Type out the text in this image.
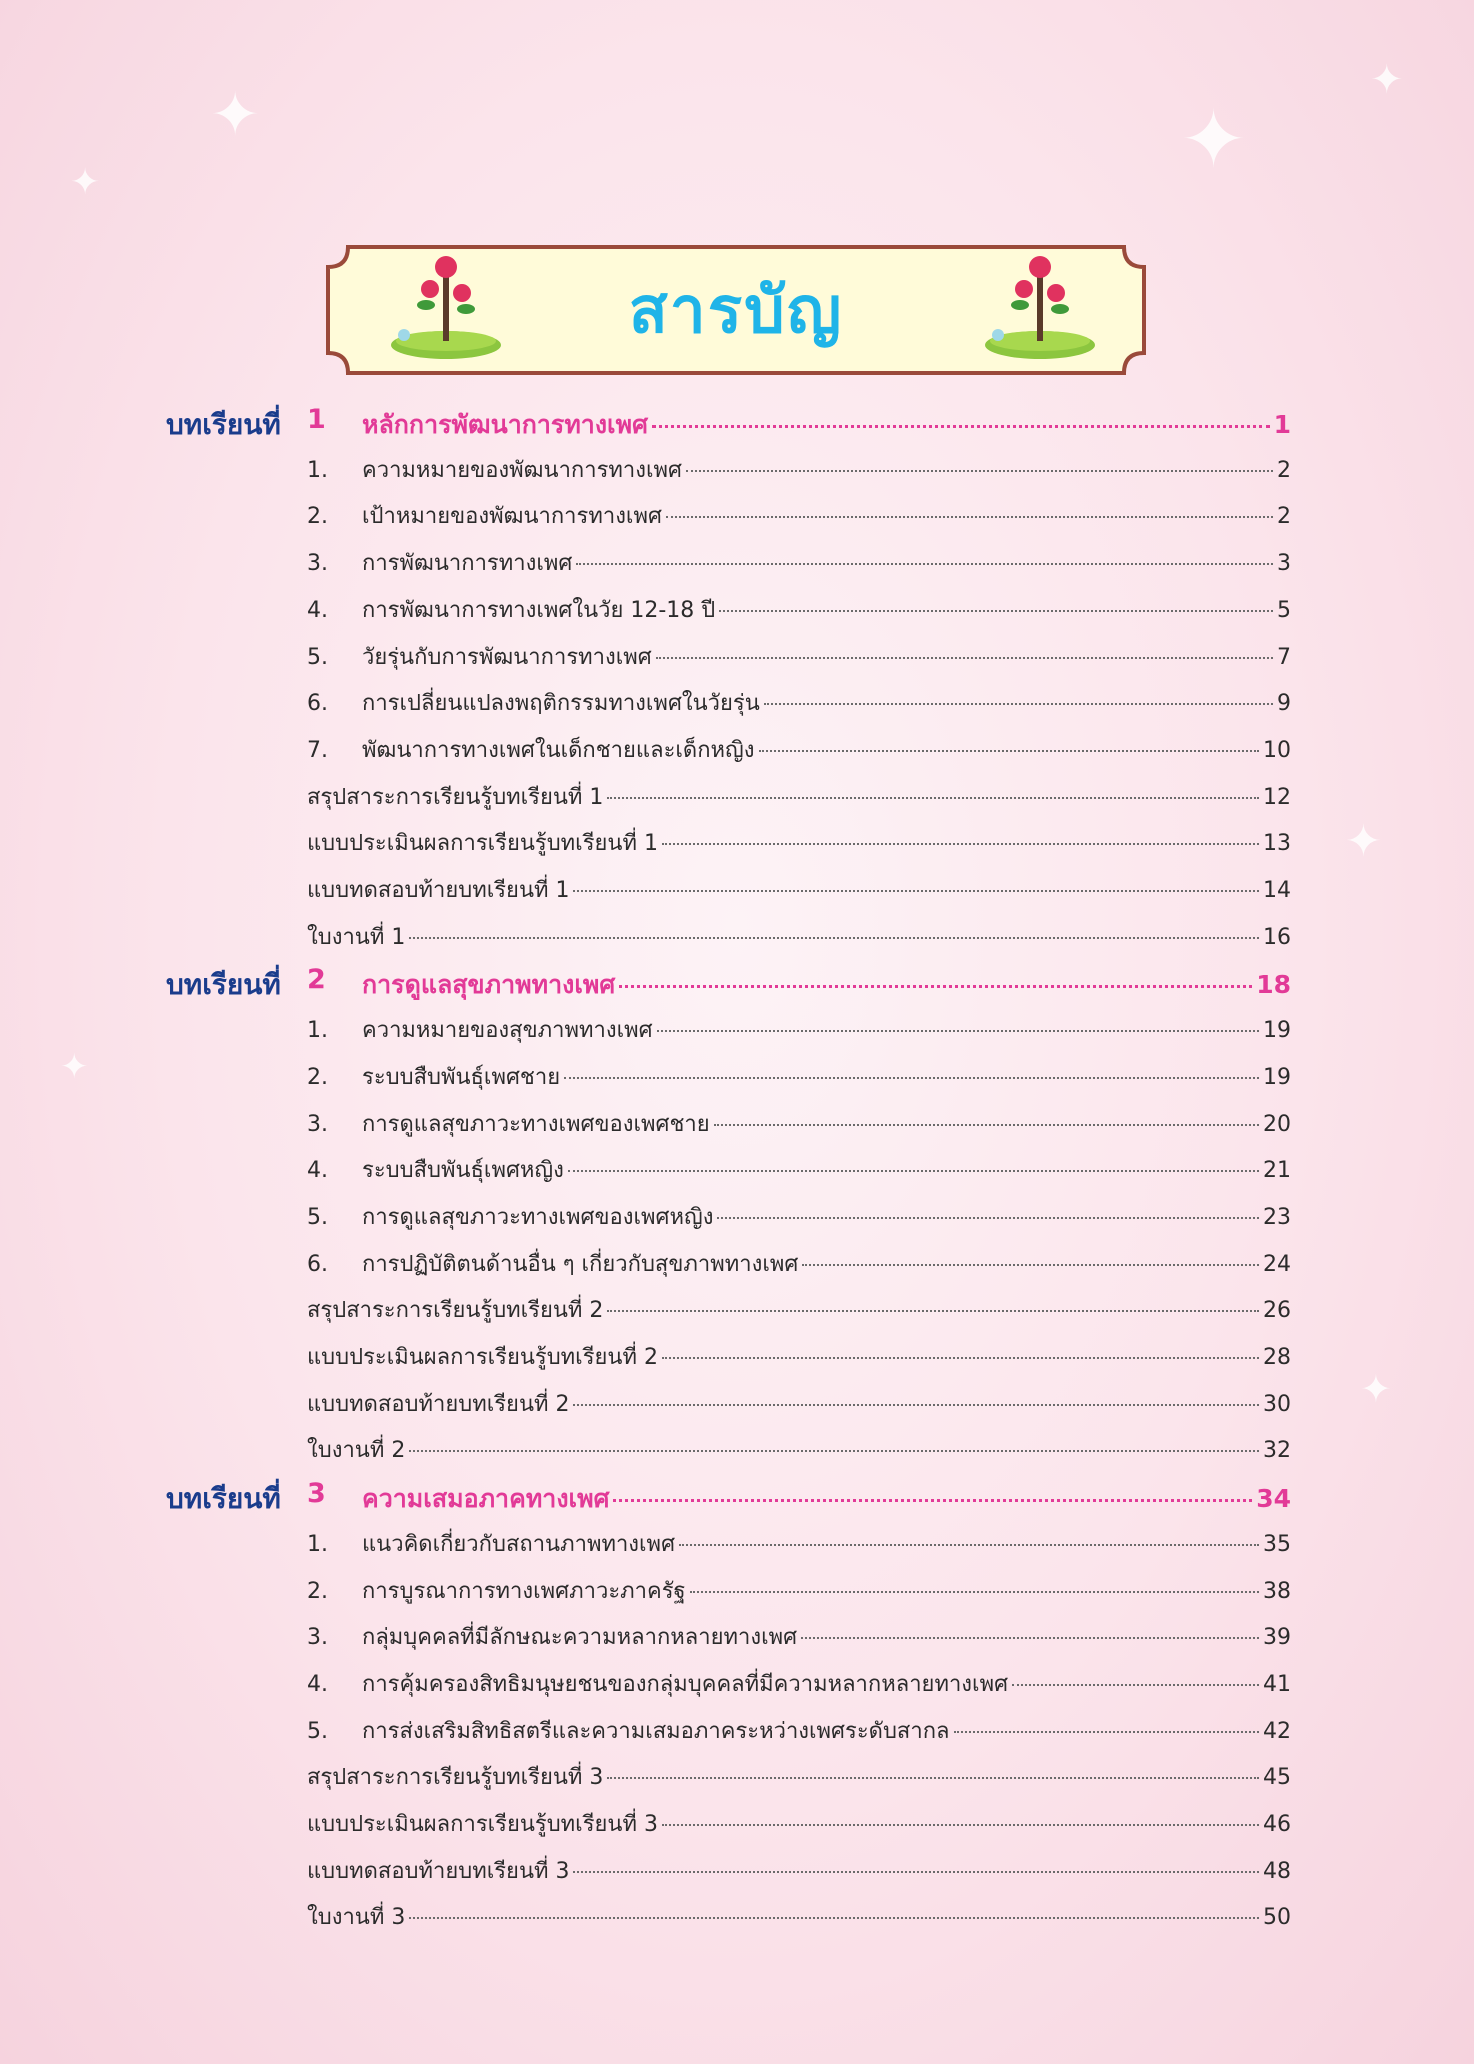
✦	✦
✦
✦
✦
✦
✦
สารบัญ
บทเรียนที่ 1 หลักการพัฒนาการทางเพศ	1
1.	ความหมายของพัฒนาการทางเพศ	2
2.	เป้าหมายของพัฒนาการทางเพศ	2
3.	การพัฒนาการทางเพศ	3
4.	การพัฒนาการทางเพศในวัย 12-18 ปี	5
5.	วัยรุ่นกับการพัฒนาการทางเพศ	7
6.	การเปลี่ยนแปลงพฤติกรรมทางเพศในวัยรุ่น	9
7.	พัฒนาการทางเพศในเด็กชายและเด็กหญิง	10
สรุปสาระการเรียนรู้บทเรียนที่ 1	12
แบบประเมินผลการเรียนรู้บทเรียนที่ 1	13
แบบทดสอบท้ายบทเรียนที่ 1	14
ใบงานที่ 1	16
บทเรียนที่ 2 การดูแลสุขภาพทางเพศ	18
1.	ความหมายของสุขภาพทางเพศ	19
2.	ระบบสืบพันธุ์เพศชาย	19
3.	การดูแลสุขภาวะทางเพศของเพศชาย	20
4.	ระบบสืบพันธุ์เพศหญิง	21
5.	การดูแลสุขภาวะทางเพศของเพศหญิง	23
6.	การปฏิบัติตนด้านอื่น ๆ เกี่ยวกับสุขภาพทางเพศ	24
สรุปสาระการเรียนรู้บทเรียนที่ 2	26
แบบประเมินผลการเรียนรู้บทเรียนที่ 2	28
แบบทดสอบท้ายบทเรียนที่ 2	30
ใบงานที่ 2	32
บทเรียนที่ 3 ความเสมอภาคทางเพศ	34
1.	แนวคิดเกี่ยวกับสถานภาพทางเพศ	35
2.	การบูรณาการทางเพศภาวะภาครัฐ	38
3.	กลุ่มบุคคลที่มีลักษณะความหลากหลายทางเพศ	39
4.	การคุ้มครองสิทธิมนุษยชนของกลุ่มบุคคลที่มีความหลากหลายทางเพศ	41
5.	การส่งเสริมสิทธิสตรีและความเสมอภาคระหว่างเพศระดับสากล	42
สรุปสาระการเรียนรู้บทเรียนที่ 3	45
แบบประเมินผลการเรียนรู้บทเรียนที่ 3	46
แบบทดสอบท้ายบทเรียนที่ 3	48
ใบงานที่ 3	50
